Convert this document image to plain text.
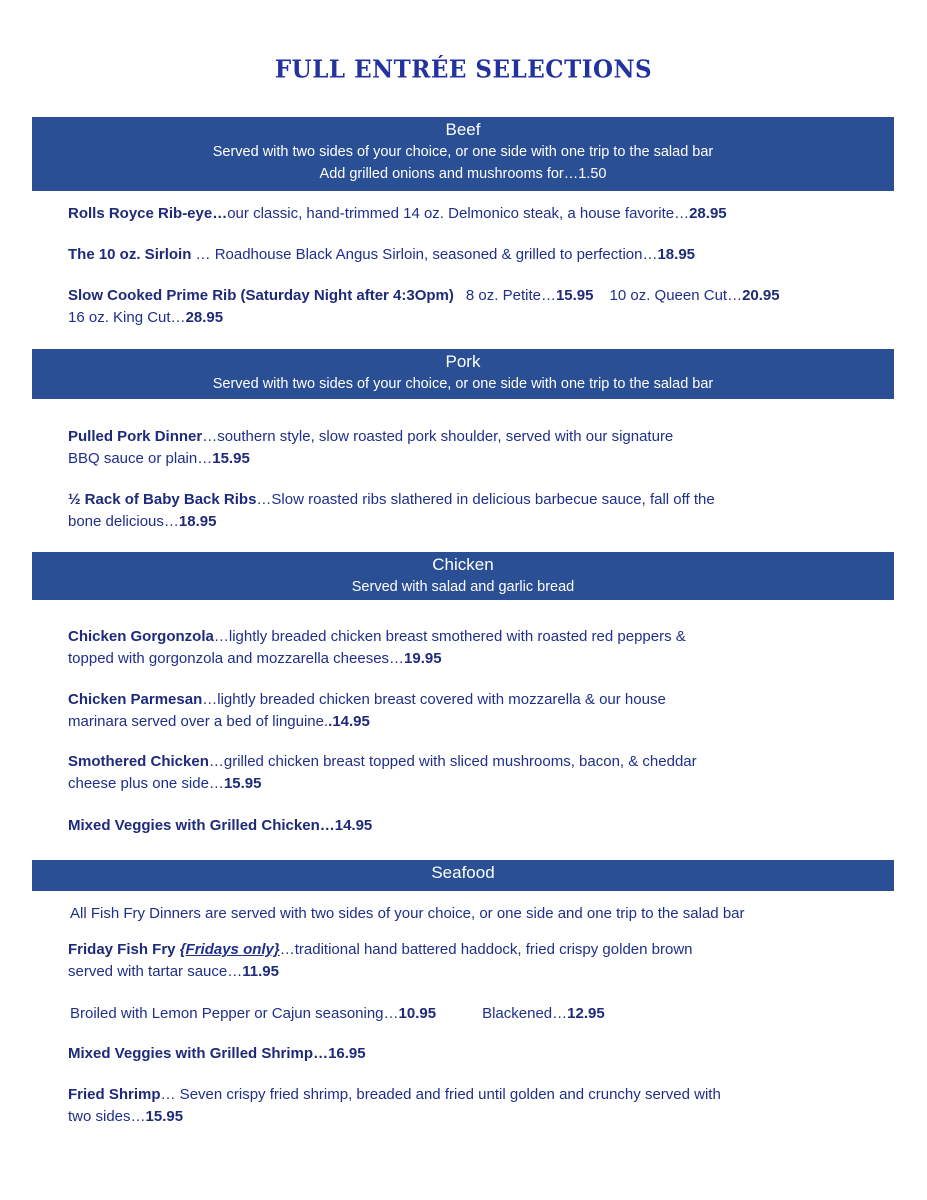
FULL ENTRÉE SELECTIONS
Beef
Served with two sides of your choice, or one side with one trip to the salad bar
Add grilled onions and mushrooms for…1.50
Rolls Royce Rib-eye…our classic, hand-trimmed 14 oz. Delmonico steak, a house favorite…28.95
The 10 oz. Sirloin … Roadhouse Black Angus Sirloin, seasoned & grilled to perfection…18.95
Slow Cooked Prime Rib (Saturday Night after 4:3Opm) 8 oz. Petite…15.95 10 oz. Queen Cut…20.95
16 oz. King Cut…28.95
Pork
Served with two sides of your choice, or one side with one trip to the salad bar
Pulled Pork Dinner…southern style, slow roasted pork shoulder, served with our signature
BBQ sauce or plain…15.95
½ Rack of Baby Back Ribs…Slow roasted ribs slathered in delicious barbecue sauce, fall off the
bone delicious…18.95
Chicken
Served with salad and garlic bread
Chicken Gorgonzola…lightly breaded chicken breast smothered with roasted red peppers &
topped with gorgonzola and mozzarella cheeses…19.95
Chicken Parmesan…lightly breaded chicken breast covered with mozzarella & our house
marinara served over a bed of linguine..14.95
Smothered Chicken…grilled chicken breast topped with sliced mushrooms, bacon, & cheddar
cheese plus one side…15.95
Mixed Veggies with Grilled Chicken…14.95
Seafood
All Fish Fry Dinners are served with two sides of your choice, or one side and one trip to the salad bar
Friday Fish Fry {Fridays only}…traditional hand battered haddock, fried crispy golden brown
served with tartar sauce…11.95
Broiled with Lemon Pepper or Cajun seasoning…10.95	Blackened…12.95
Mixed Veggies with Grilled Shrimp…16.95
Fried Shrimp… Seven crispy fried shrimp, breaded and fried until golden and crunchy served with
two sides…15.95
